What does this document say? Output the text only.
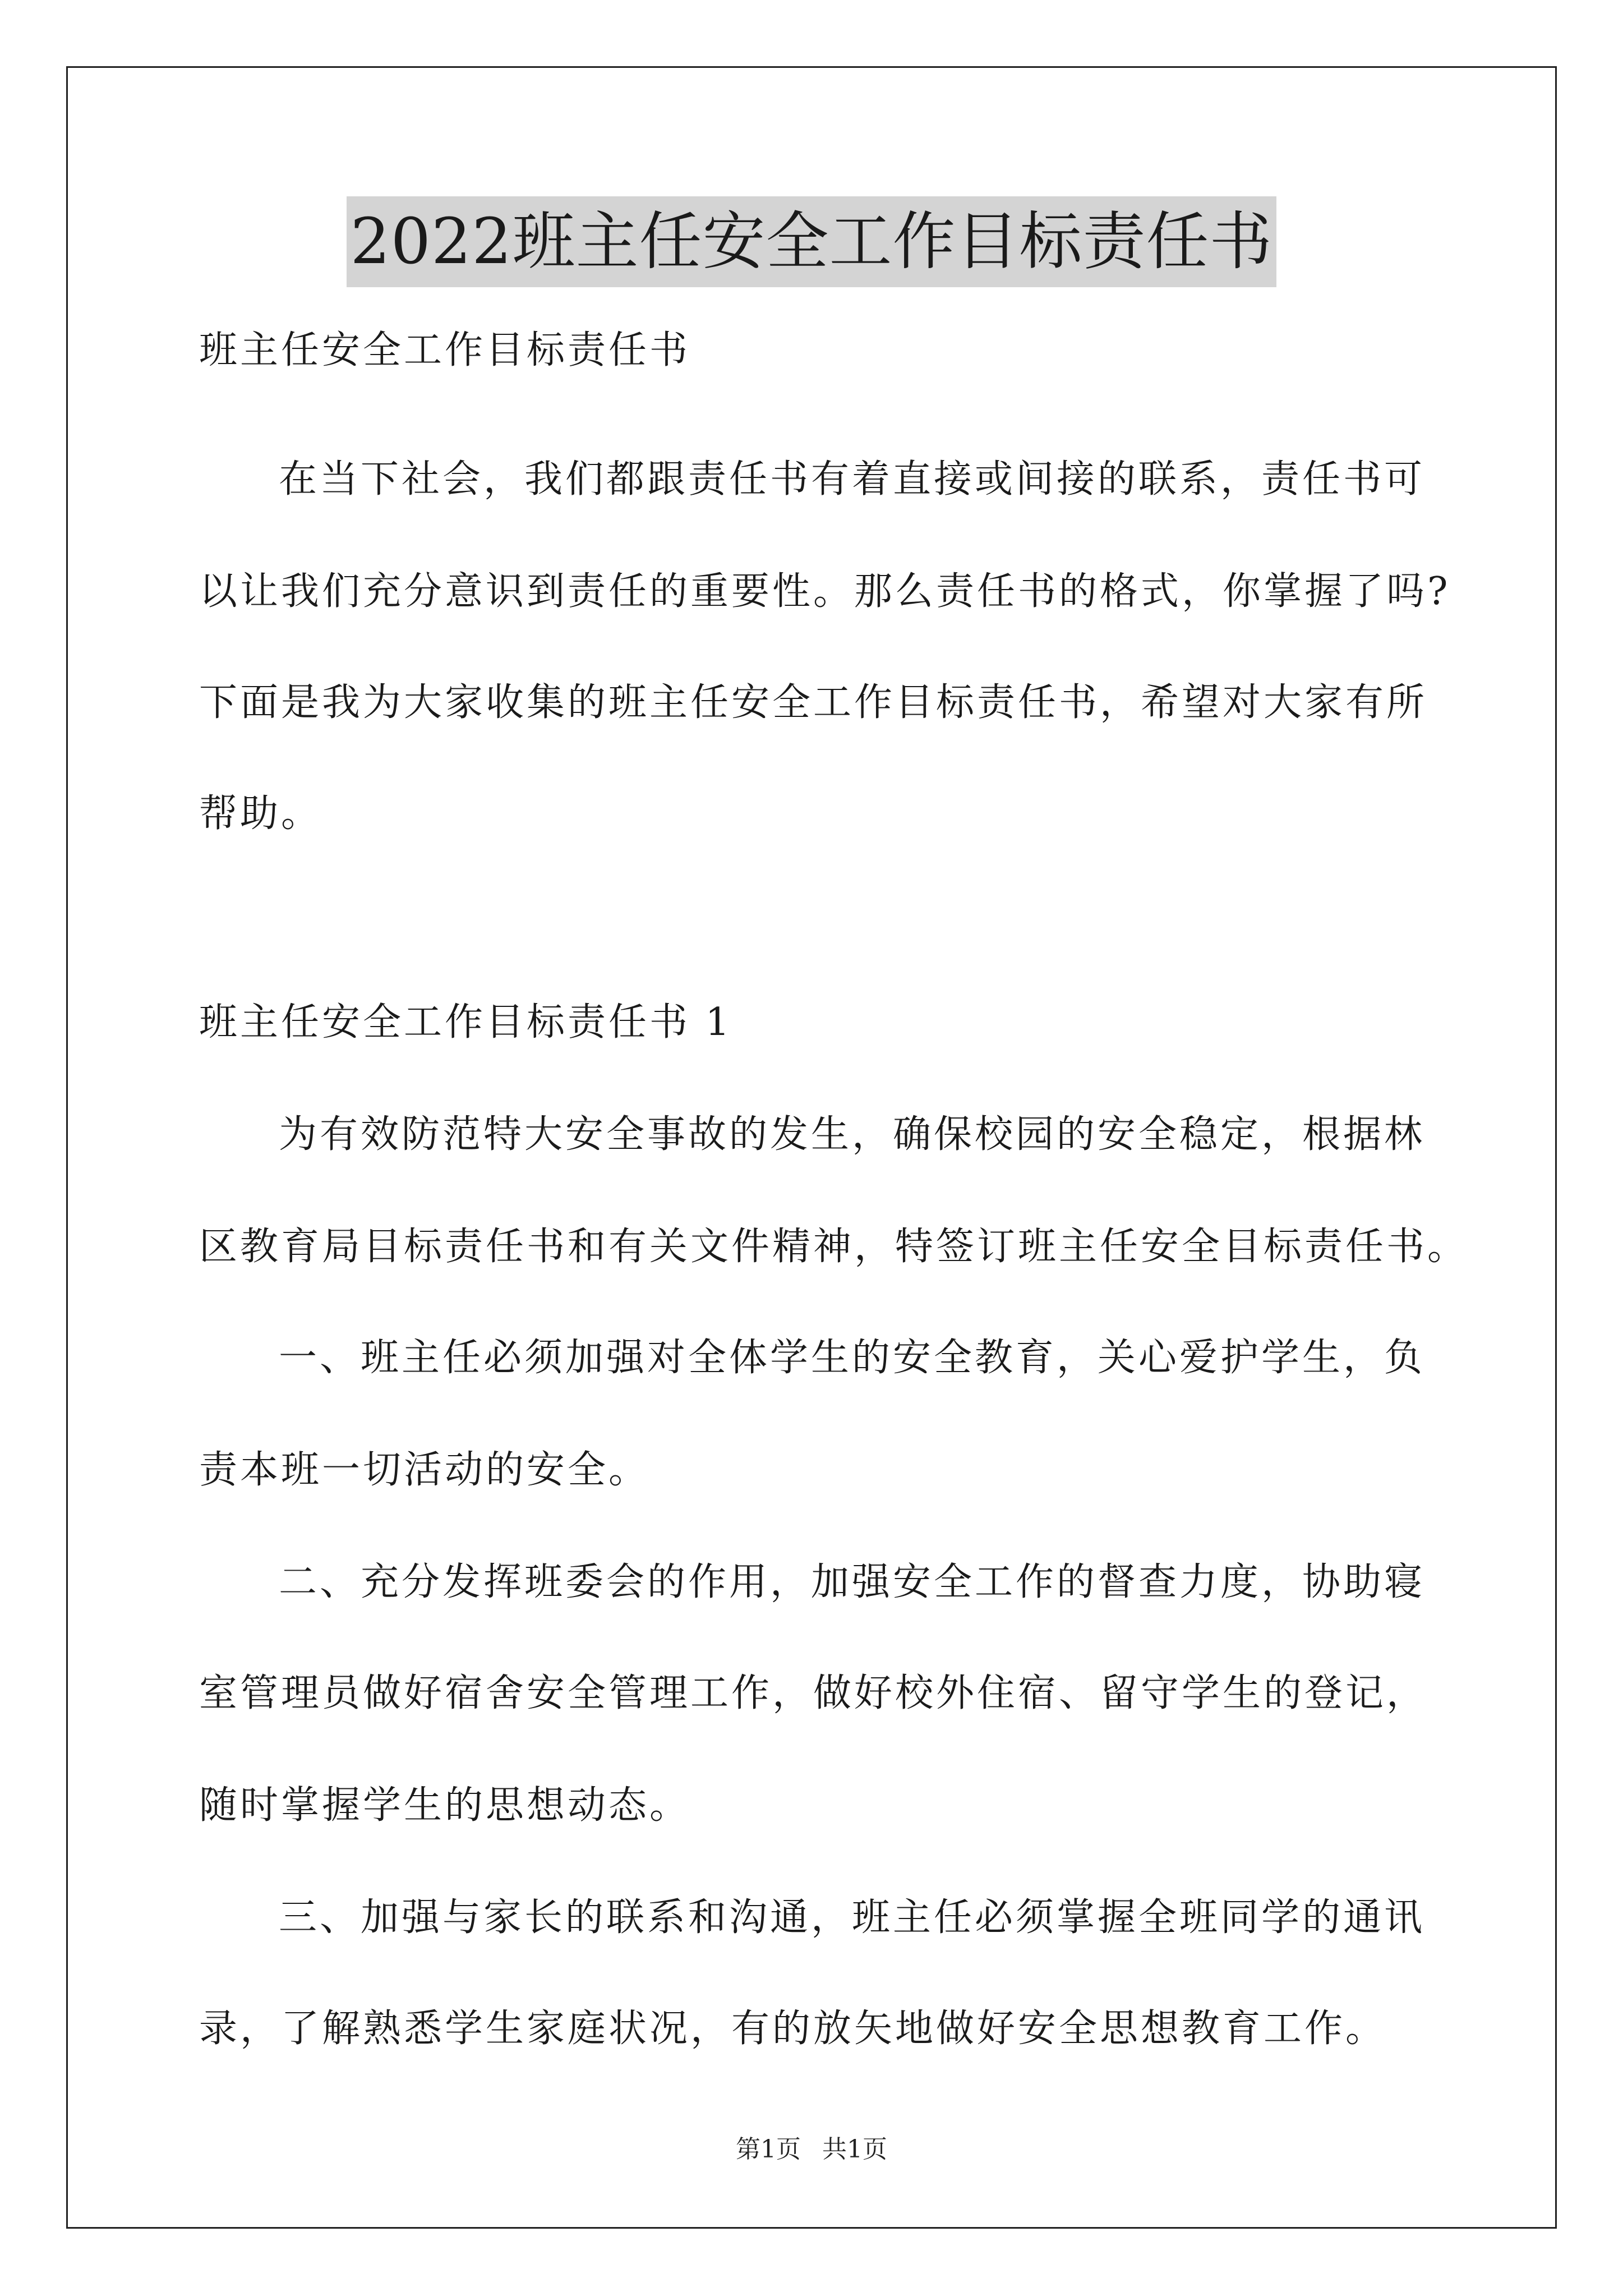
2022班主任安全工作目标责任书
班主任安全工作目标责任书
在当下社会，我们都跟责任书有着直接或间接的联系，责任书可
以让我们充分意识到责任的重要性。那么责任书的格式，你掌握了吗?
下面是我为大家收集的班主任安全工作目标责任书，希望对大家有所
帮助。
班主任安全工作目标责任书 1
为有效防范特大安全事故的发生，确保校园的安全稳定，根据林
区教育局目标责任书和有关文件精神，特签订班主任安全目标责任书。
一、班主任必须加强对全体学生的安全教育，关心爱护学生，负
责本班一切活动的安全。
二、充分发挥班委会的作用，加强安全工作的督查力度，协助寝
室管理员做好宿舍安全管理工作，做好校外住宿、留守学生的登记，
随时掌握学生的思想动态。
三、加强与家长的联系和沟通，班主任必须掌握全班同学的通讯
录，了解熟悉学生家庭状况，有的放矢地做好安全思想教育工作。
第1页 共1页
